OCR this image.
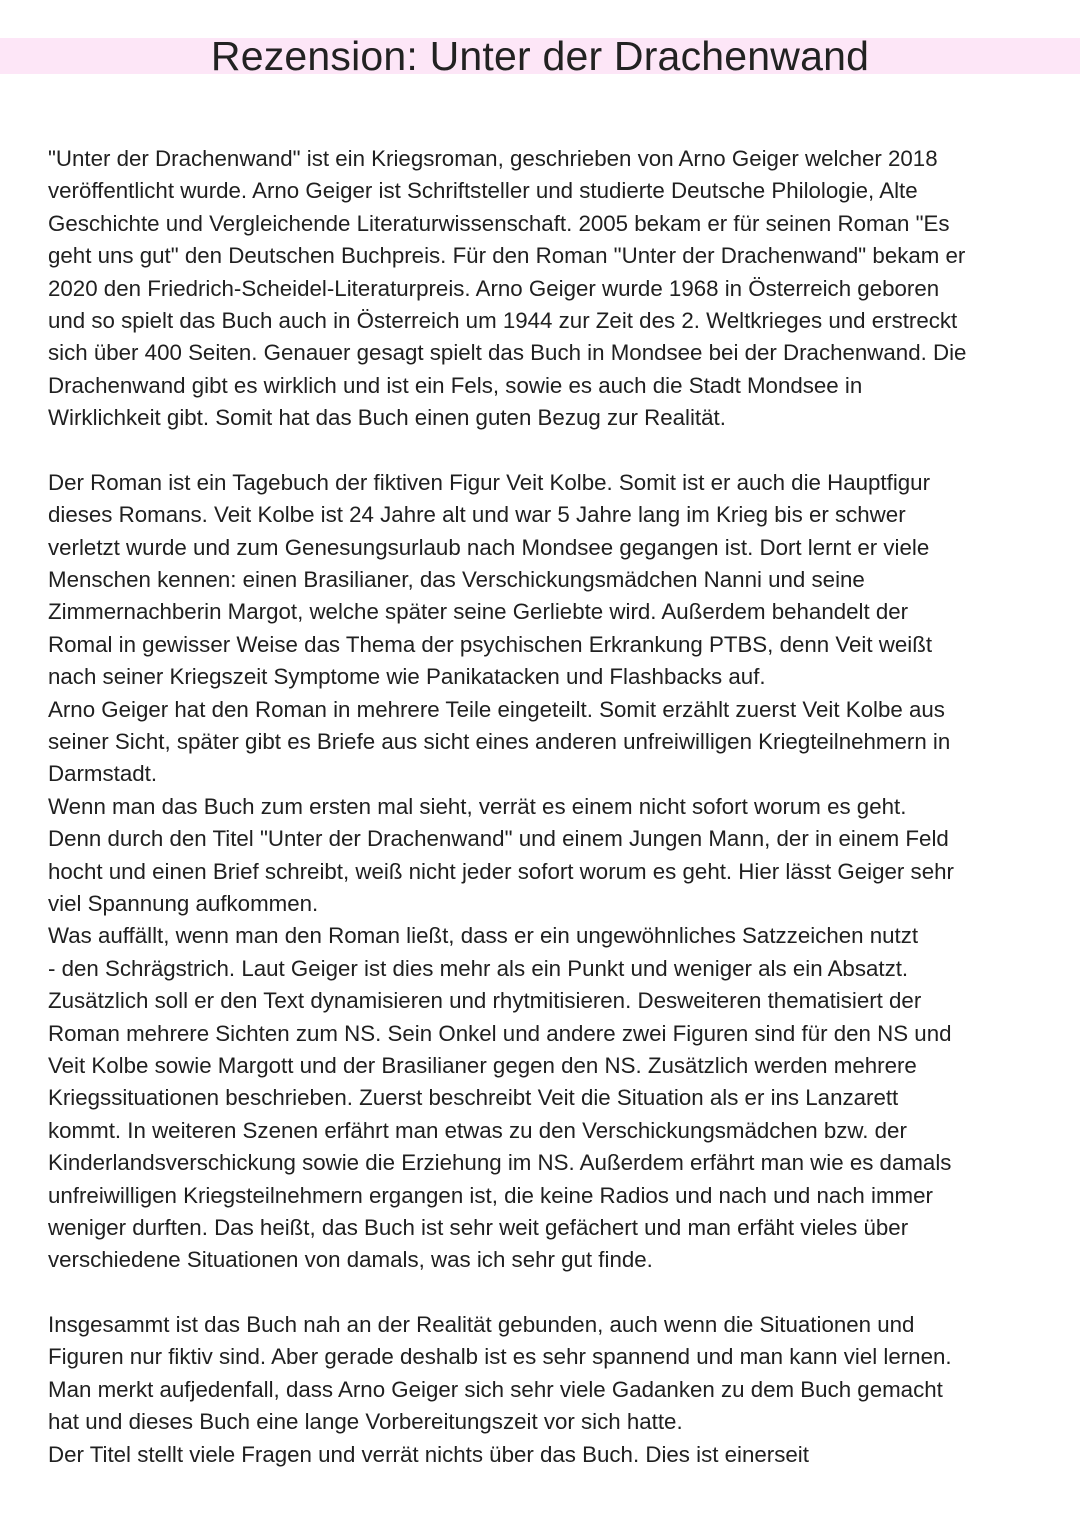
Rezension: Unter der Drachenwand
"Unter der Drachenwand" ist ein Kriegsroman, geschrieben von Arno Geiger welcher 2018
veröffentlicht wurde. Arno Geiger ist Schriftsteller und studierte Deutsche Philologie, Alte
Geschichte und Vergleichende Literaturwissenschaft. 2005 bekam er für seinen Roman "Es
geht uns gut" den Deutschen Buchpreis. Für den Roman "Unter der Drachenwand" bekam er
2020 den Friedrich-Scheidel-Literaturpreis. Arno Geiger wurde 1968 in Österreich geboren
und so spielt das Buch auch in Österreich um 1944 zur Zeit des 2. Weltkrieges und erstreckt
sich über 400 Seiten. Genauer gesagt spielt das Buch in Mondsee bei der Drachenwand. Die
Drachenwand gibt es wirklich und ist ein Fels, sowie es auch die Stadt Mondsee in
Wirklichkeit gibt. Somit hat das Buch einen guten Bezug zur Realität.
Der Roman ist ein Tagebuch der fiktiven Figur Veit Kolbe. Somit ist er auch die Hauptfigur
dieses Romans. Veit Kolbe ist 24 Jahre alt und war 5 Jahre lang im Krieg bis er schwer
verletzt wurde und zum Genesungsurlaub nach Mondsee gegangen ist. Dort lernt er viele
Menschen kennen: einen Brasilianer, das Verschickungsmädchen Nanni und seine
Zimmernachberin Margot, welche später seine Gerliebte wird. Außerdem behandelt der
Romal in gewisser Weise das Thema der psychischen Erkrankung PTBS, denn Veit weißt
nach seiner Kriegszeit Symptome wie Panikatacken und Flashbacks auf.
Arno Geiger hat den Roman in mehrere Teile eingeteilt. Somit erzählt zuerst Veit Kolbe aus
seiner Sicht, später gibt es Briefe aus sicht eines anderen unfreiwilligen Kriegteilnehmern in
Darmstadt.
Wenn man das Buch zum ersten mal sieht, verrät es einem nicht sofort worum es geht.
Denn durch den Titel "Unter der Drachenwand" und einem Jungen Mann, der in einem Feld
hocht und einen Brief schreibt, weiß nicht jeder sofort worum es geht. Hier lässt Geiger sehr
viel Spannung aufkommen.
Was auffällt, wenn man den Roman ließt, dass er ein ungewöhnliches Satzzeichen nutzt
- den Schrägstrich. Laut Geiger ist dies mehr als ein Punkt und weniger als ein Absatzt.
Zusätzlich soll er den Text dynamisieren und rhytmitisieren. Desweiteren thematisiert der
Roman mehrere Sichten zum NS. Sein Onkel und andere zwei Figuren sind für den NS und
Veit Kolbe sowie Margott und der Brasilianer gegen den NS. Zusätzlich werden mehrere
Kriegssituationen beschrieben. Zuerst beschreibt Veit die Situation als er ins Lanzarett
kommt. In weiteren Szenen erfährt man etwas zu den Verschickungsmädchen bzw. der
Kinderlandsverschickung sowie die Erziehung im NS. Außerdem erfährt man wie es damals
unfreiwilligen Kriegsteilnehmern ergangen ist, die keine Radios und nach und nach immer
weniger durften. Das heißt, das Buch ist sehr weit gefächert und man erfäht vieles über
verschiedene Situationen von damals, was ich sehr gut finde.
Insgesammt ist das Buch nah an der Realität gebunden, auch wenn die Situationen und
Figuren nur fiktiv sind. Aber gerade deshalb ist es sehr spannend und man kann viel lernen.
Man merkt aufjedenfall, dass Arno Geiger sich sehr viele Gadanken zu dem Buch gemacht
hat und dieses Buch eine lange Vorbereitungszeit vor sich hatte.
Der Titel stellt viele Fragen und verrät nichts über das Buch. Dies ist einerseit
